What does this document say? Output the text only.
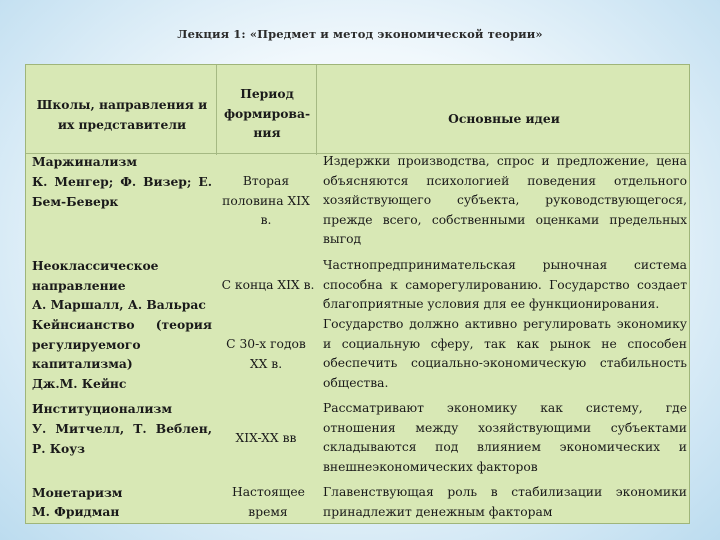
Лекция 1: «Предмет и метод экономической теории»
Школы, направления и их представители
Период формирова-ния
Основные идеи
Маржинализм
К. Менгер; Ф. Визер; Е. Бем-Беверк
Вторая половина XIX в.
Издержки производства, спрос и предложение, цена объясняются психологией поведения отдельного хозяйствующего субъекта, руководствующегося, прежде всего, собственными оценками предельных выгод
Неоклассическое направление
А. Маршалл, А. Вальрас
С конца XIX в.
Частнопредпринимательская рыночная система способна к саморегулированию. Государство создает благоприятные условия для ее функционирования.
Кейнсианство (теория регулируемого капитализма)
Дж.М. Кейнс
С 30-х годов XX в.
Государство должно активно регулировать экономику и социальную сферу, так как рынок не способен обеспечить социально-экономическую стабильность общества.
Институционализм
У. Митчелл, Т. Веблен, Р. Коуз
XIX-XX вв
Рассматривают экономику как систему, где отношения между хозяйствующими субъектами складываются под влиянием экономических и внешнеэкономических факторов
Монетаризм
М. Фридман
Настоящее время
Главенствующая роль в стабилизации экономики принадлежит денежным факторам
